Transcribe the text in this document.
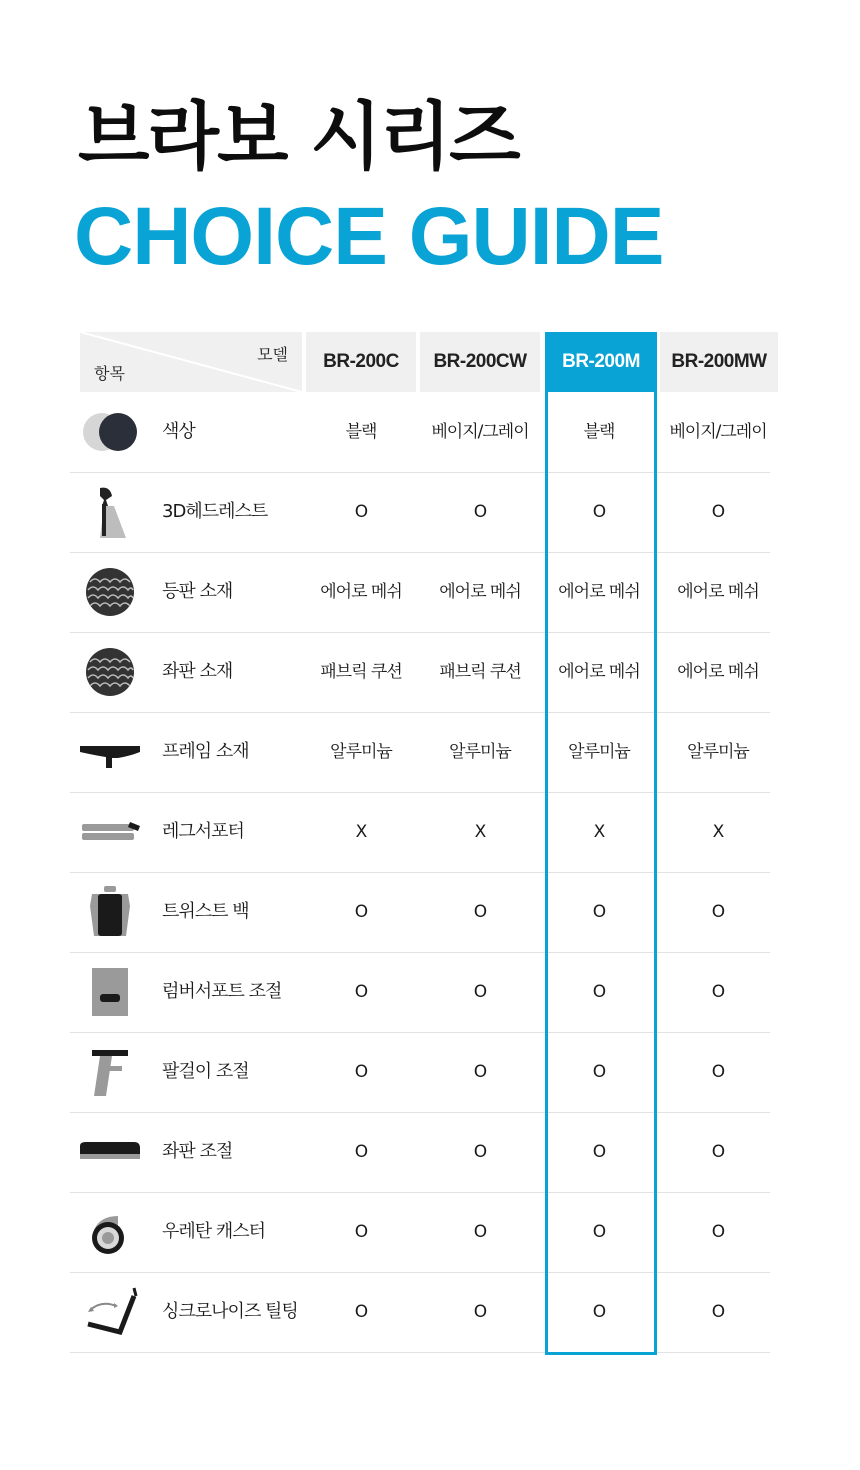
브라보 시리즈
CHOICE GUIDE
모델
항목
BR-200C	BR-200CW	BR-200M	BR-200MW
색상	블랙	베이지/그레이	블랙	베이지/그레이
3D헤드레스트	O	O	O	O
등판 소재	에어로 메쉬	에어로 메쉬	에어로 메쉬	에어로 메쉬
좌판 소재	패브릭 쿠션	패브릭 쿠션	에어로 메쉬	에어로 메쉬
프레임 소재	알루미늄	알루미늄	알루미늄	알루미늄
레그서포터	X	X	X	X
트위스트 백	O	O	O	O
럼버서포트 조절	O	O	O	O
팔걸이 조절	O	O	O	O
좌판 조절	O	O	O	O
우레탄 캐스터	O	O	O	O
싱크로나이즈 틸팅	O	O	O	O
